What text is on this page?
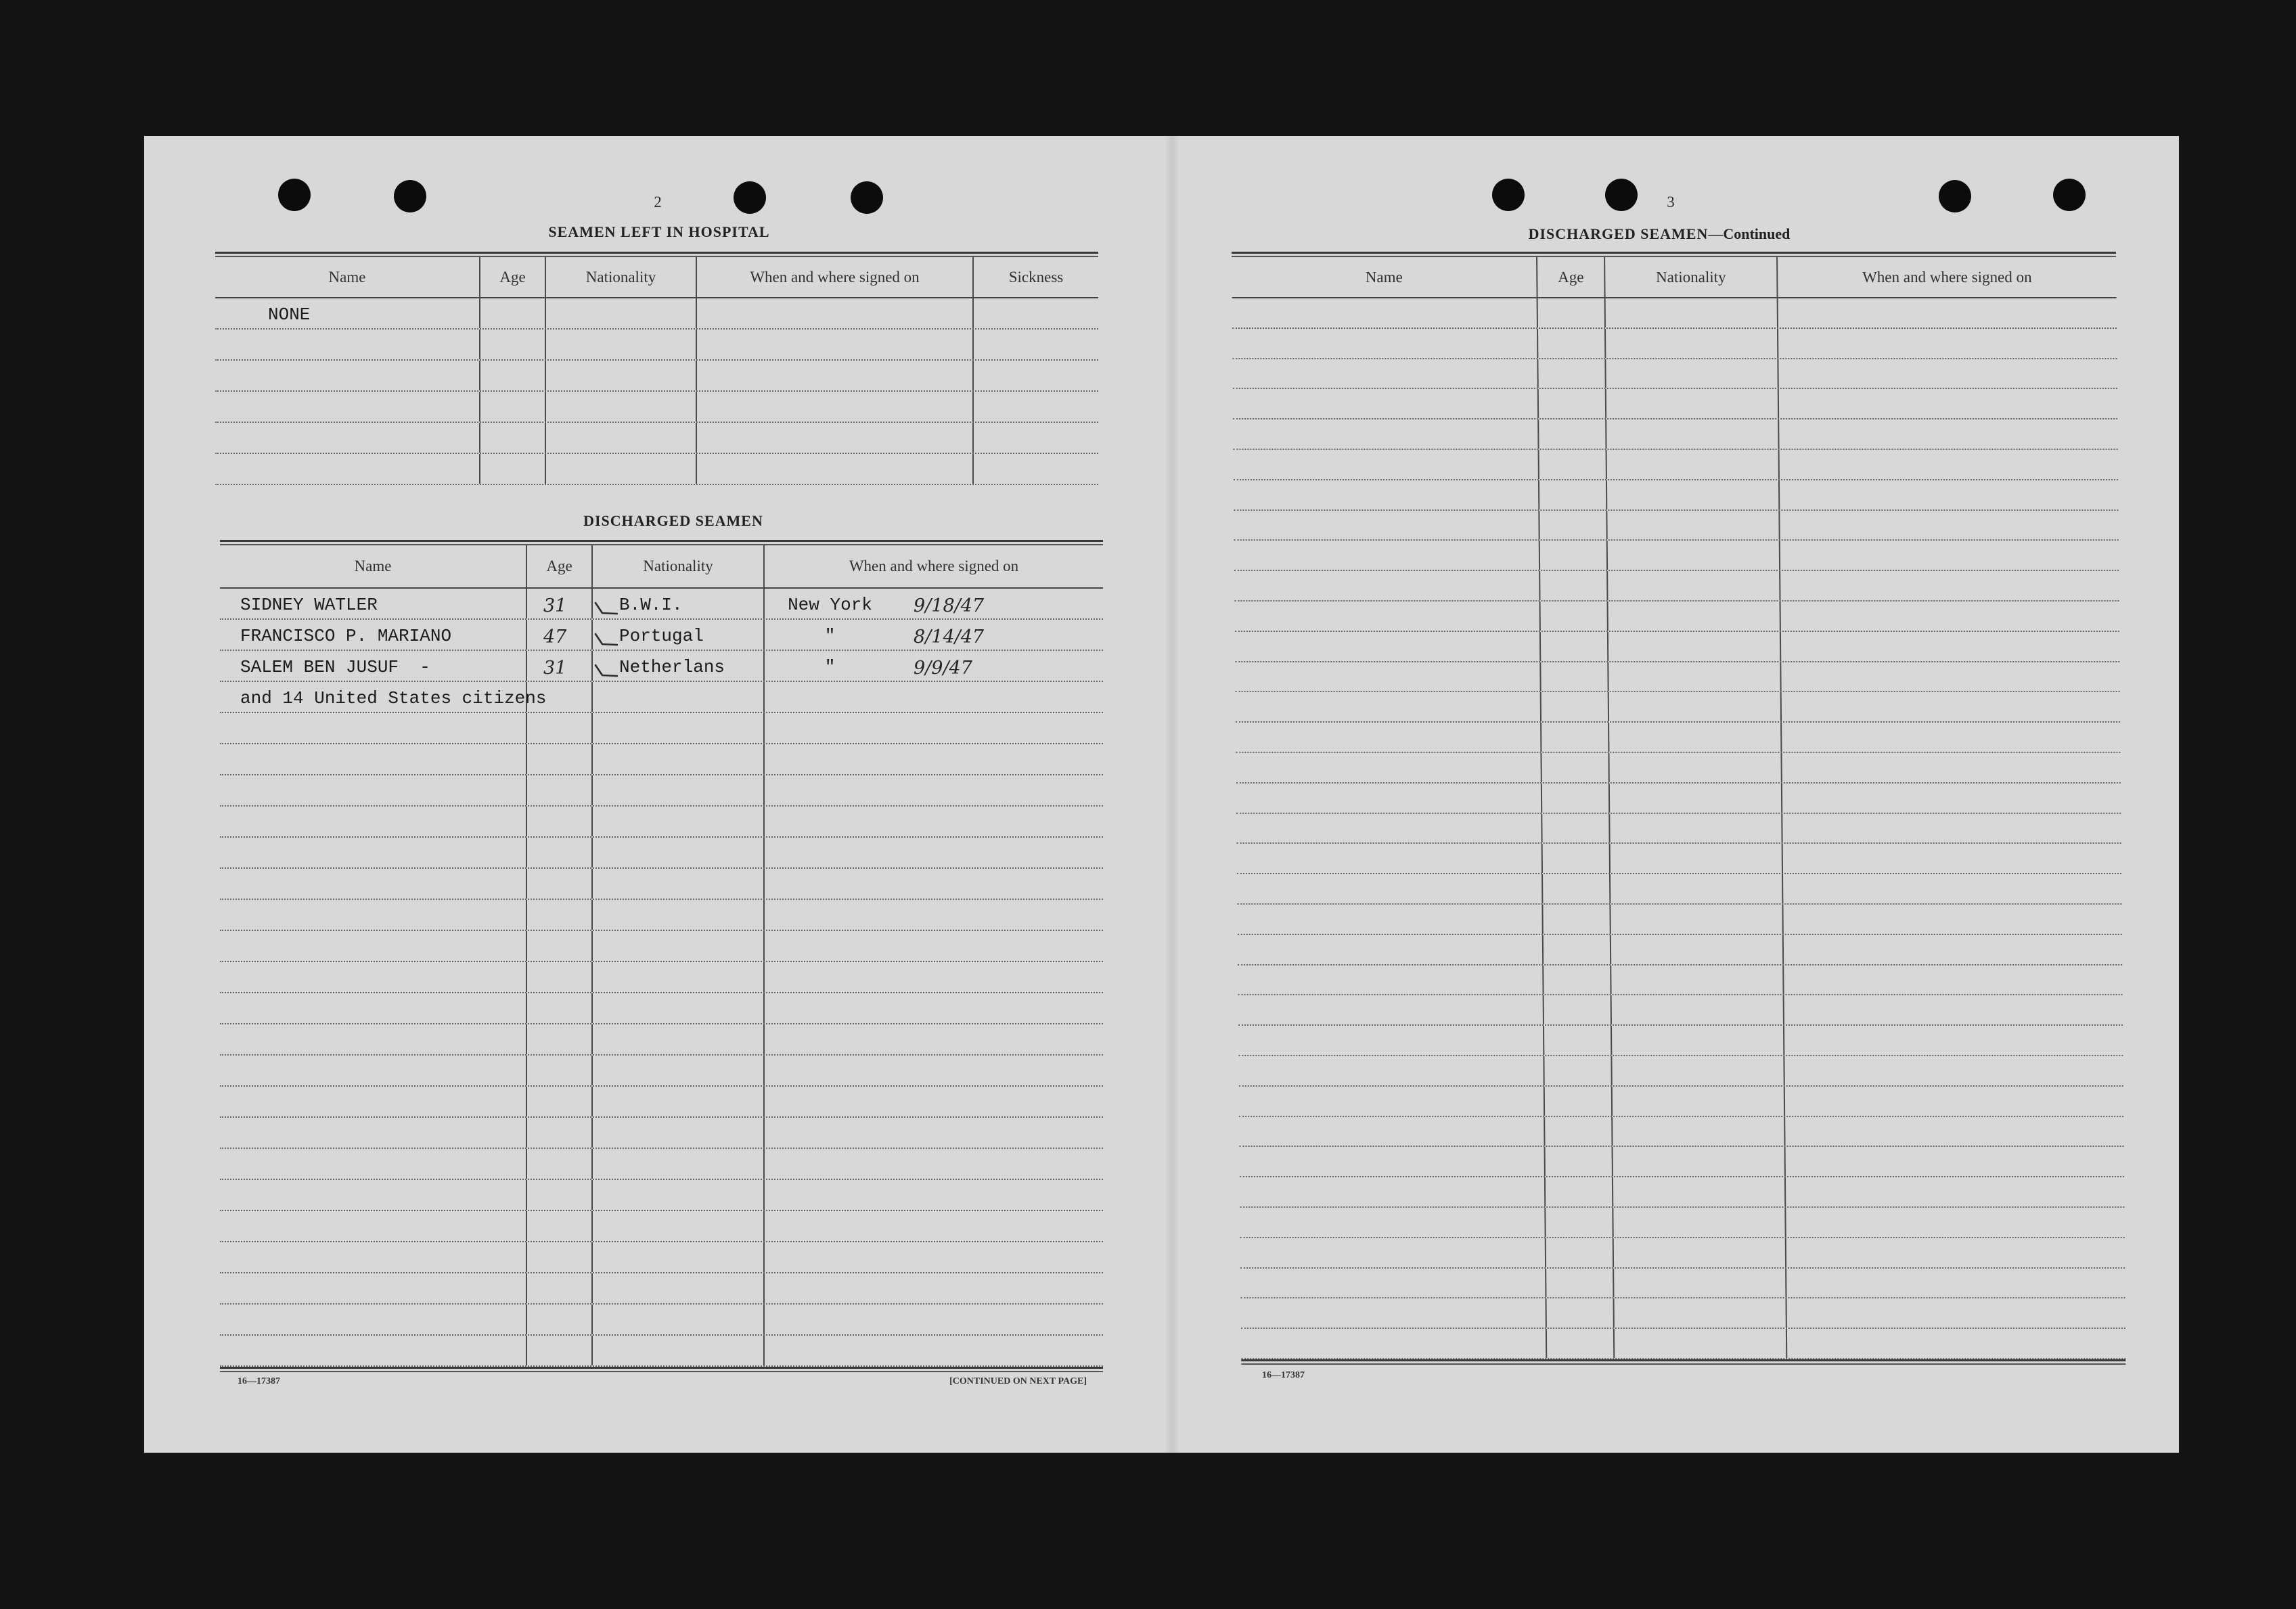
2
SEAMEN LEFT IN HOSPITAL
Name	Age	Nationality	When and where signed on	Sickness
NONE
DISCHARGED SEAMEN
Name	Age	Nationality	When and where signed on
SIDNEY WATLER	31	B.W.I.	New York 9/18/47
FRANCISCO P. MARIANO	47	Portugal	"	8/14/47
SALEM BEN JUSUF  -	31	Netherlans	"	9/9/47
and 14 United States citizens
16—17387	[CONTINUED ON NEXT PAGE]
3
DISCHARGED SEAMEN—Continued
Name	Age	Nationality	When and where signed on
16—17387
